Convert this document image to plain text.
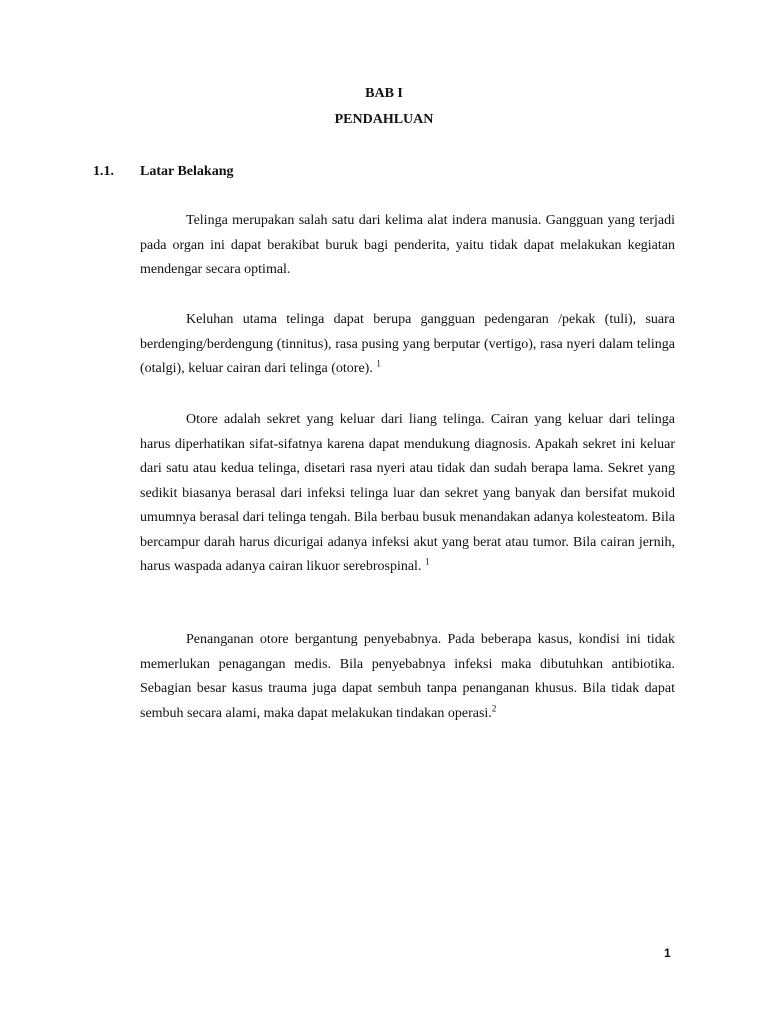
BAB I
PENDAHLUAN
1.1. Latar Belakang

Telinga merupakan salah satu dari kelima alat indera manusia. Gangguan yang terjadi pada organ ini dapat berakibat buruk bagi penderita, yaitu tidak dapat melakukan kegiatan mendengar secara optimal.

Keluhan utama telinga dapat berupa gangguan pedengaran /pekak (tuli), suara berdenging/berdengung (tinnitus), rasa pusing yang berputar (vertigo), rasa nyeri dalam telinga (otalgi), keluar cairan dari telinga (otore). $^1$

Otore adalah sekret yang keluar dari liang telinga. Cairan yang keluar dari telinga harus diperhatikan sifat-sifatnya karena dapat mendukung diagnosis. Apakah sekret ini keluar dari satu atau kedua telinga, disetari rasa nyeri atau tidak dan sudah berapa lama. Sekret yang sedikit biasanya berasal dari infeksi telinga luar dan sekret yang banyak dan bersifat mukoid umumnya berasal dari telinga tengah. Bila berbau busuk menandakan adanya kolesteatom. Bila bercampur darah harus dicurigai adanya infeksi akut yang berat atau tumor. Bila cairan jernih, harus waspada adanya cairan likuor serebrospinal. $^1$

Penanganan otore bergantung penyebabnya. Pada beberapa kasus, kondisi ini tidak memerlukan penagangan medis. Bila penyebabnya infeksi maka dibutuhkan antibiotika. Sebagian besar kasus trauma juga dapat sembuh tanpa penanganan khusus. Bila tidak dapat sembuh secara alami, maka dapat melakukan tindakan operasi.$^2$

1
